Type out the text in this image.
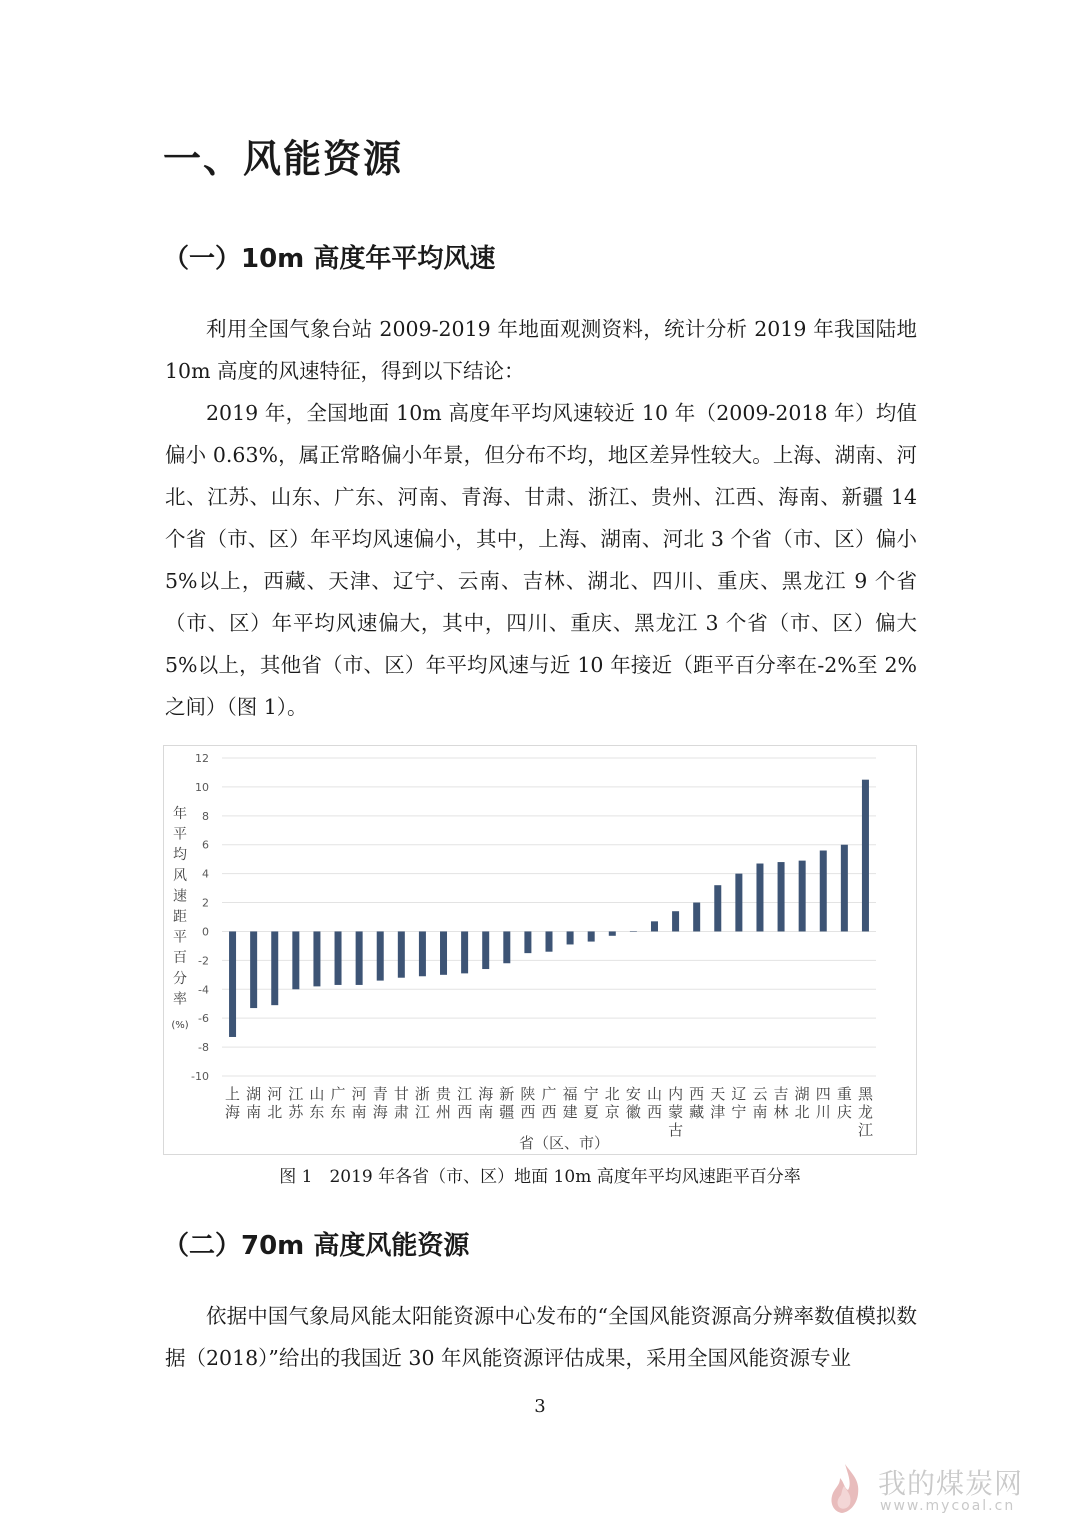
一、风能资源
（一）10m 高度年平均风速

利用全国气象台站 2009-2019 年地面观测资料，统计分析 2019 年我国陆地 10m 高度的风速特征，得到以下结论：

2019 年，全国地面 10m 高度年平均风速较近 10 年（2009-2018 年）均值偏小 0.63%，属正常略偏小年景，但分布不均，地区差异性较大。上海、湖南、河北、江苏、山东、广东、河南、青海、甘肃、浙江、贵州、江西、海南、新疆 14 个省（市、区）年平均风速偏小，其中，上海、湖南、河北 3 个省（市、区）偏小 5%以上，西藏、天津、辽宁、云南、吉林、湖北、四川、重庆、黑龙江 9 个省（市、区）年平均风速偏大，其中，四川、重庆、黑龙江 3 个省（市、区）偏大 5%以上，其他省（市、区）年平均风速与近 10 年接近（距平百分率在-2%至 2%之间）（图 1）。

12
10
8
6
4
2
0
-2
-4
-6
-8
-10
上海
湖南
河北
江苏
山东
广东
河南
青海
甘肃
浙江
贵州
江西
海南
新疆
陕西
广西
福建
宁夏
北京
安徽
山西
内蒙古
西藏
天津
辽宁
云南
吉林
湖北
四川
重庆
黑龙江
年平均风速距平百分率(%)
省（区、市）

图 1　2019 年各省（市、区）地面 10m 高度年平均风速距平百分率

（二）70m 高度风能资源

依据中国气象局风能太阳能资源中心发布的“全国风能资源高分辨率数值模拟数据（2018）”给出的我国近 30 年风能资源评估成果，采用全国风能资源专业

3

我的煤炭网
www.mycoal.cn
